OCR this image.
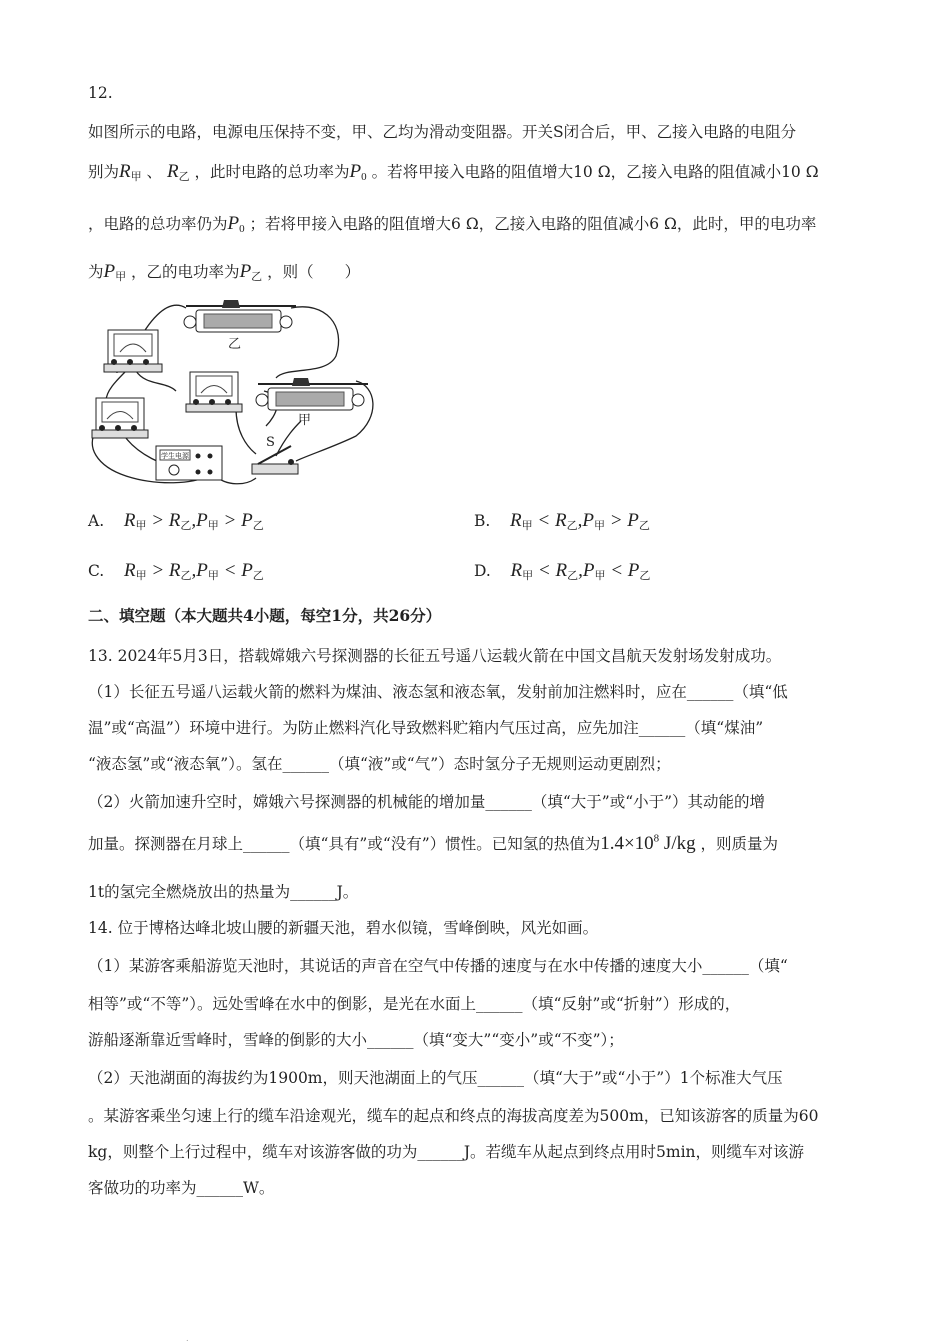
12.
如图所示的电路，电源电压保持不变，甲、乙均为滑动变阻器。开关S闭合后，甲、乙接入电路的电阻分
别为$R_甲$ 、 $R_乙$ ，此时电路的总功率为$P_0$ 。若将甲接入电路的阻值增大10 Ω，乙接入电路的阻值减小10 Ω
，电路的总功率仍为$P_0$ ；若将甲接入电路的阻值增大6 Ω，乙接入电路的阻值减小6 Ω，此时，甲的电功率
为$P_甲$ ，乙的电功率为$P_乙$ ，则（　　）
乙
甲
学生电源
S
A. $R_甲 > R_乙,P_甲 > P_乙$	B. $R_甲 < R_乙,P_甲 > P_乙$
C. $R_甲 > R_乙,P_甲 < P_乙$	D. $R_甲 < R_乙,P_甲 < P_乙$
二、填空题（本大题共4小题，每空1分，共26分）
13. 2024年5月3日，搭载嫦娥六号探测器的长征五号遥八运载火箭在中国文昌航天发射场发射成功。
（1）长征五号遥八运载火箭的燃料为煤油、液态氢和液态氧，发射前加注燃料时，应在______（填“低
温”或“高温”）环境中进行。为防止燃料汽化导致燃料贮箱内气压过高，应先加注______（填“煤油”
“液态氢”或“液态氧”）。氢在______（填“液”或“气”）态时氢分子无规则运动更剧烈；
（2）火箭加速升空时，嫦娥六号探测器的机械能的增加量______（填“大于”或“小于”）其动能的增
加量。探测器在月球上______（填“具有”或“没有”）惯性。已知氢的热值为$1.4\times 10^8$ J/kg ，则质量为
1t的氢完全燃烧放出的热量为______J。
14. 位于博格达峰北坡山腰的新疆天池，碧水似镜，雪峰倒映，风光如画。
（1）某游客乘船游览天池时，其说话的声音在空气中传播的速度与在水中传播的速度大小______（填“
相等”或“不等”）。远处雪峰在水中的倒影，是光在水面上______（填“反射”或“折射”）形成的，
游船逐渐靠近雪峰时，雪峰的倒影的大小______（填“变大”“变小”或“不变”）；
（2）天池湖面的海拔约为1900m，则天池湖面上的气压______（填“大于”或“小于”）1个标准大气压
。某游客乘坐匀速上行的缆车沿途观光，缆车的起点和终点的海拔高度差为500m，已知该游客的质量为60
kg，则整个上行过程中，缆车对该游客做的功为______J。若缆车从起点到终点用时5min，则缆车对该游
客做功的功率为______W。
.
